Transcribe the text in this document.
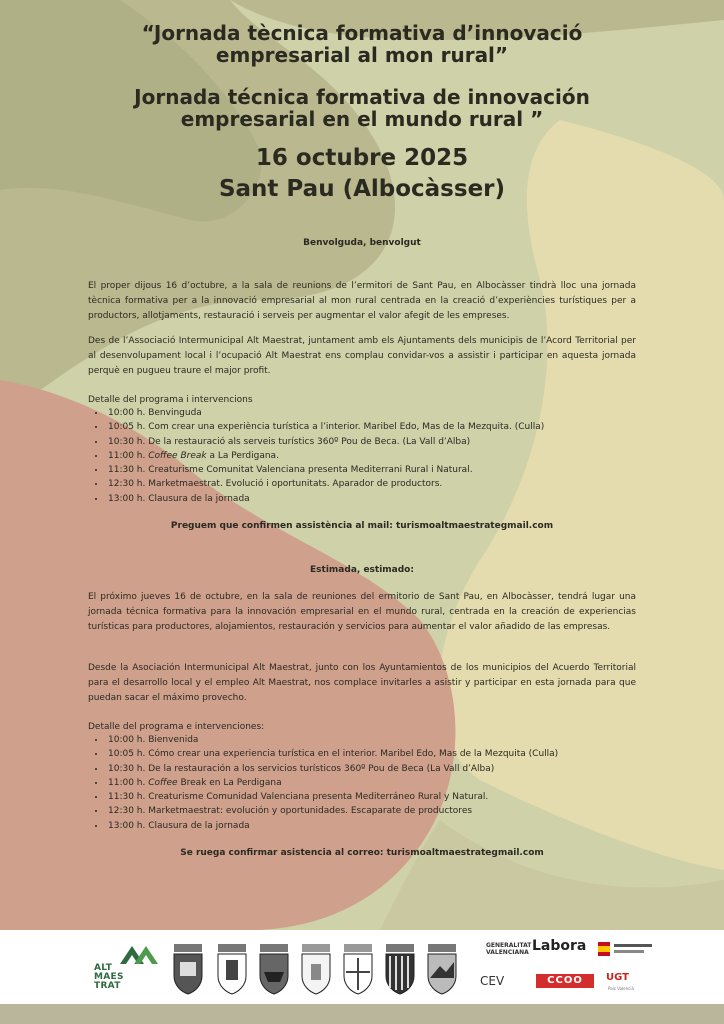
“Jornada tècnica formativa d’innovació

empresarial al mon rural”

Jornada técnica formativa de innovación

empresarial en el mundo rural ”

16 octubre 2025

Sant Pau (Albocàsser)

Benvolguda, benvolgut

El proper dijous 16 d’octubre, a la sala de reunions de l’ermitori de Sant Pau, en Albocàsser tindrà lloc una jornada tècnica formativa per a la innovació empresarial al mon rural centrada en la creació d’experiències turístiques per a productors, allotjaments, restauració i serveis per augmentar el valor afegit de les empreses.

Des de l’Associació Intermunicipal Alt Maestrat, juntament amb els Ajuntaments dels municipis de l’Acord Territorial per al desenvolupament local i l’ocupació Alt Maestrat ens complau convidar-vos a assistir i participar en aquesta jornada perquè en pugueu traure el major profit.

Detalle del programa i intervencions

• 10:00 h. Benvinguda
• 10:05 h. Com crear una experiència turística a l’interior. Maribel Edo, Mas de la Mezquita. (Culla)
• 10:30 h. De la restauració als serveis turístics 360º Pou de Beca. (La Vall d’Alba)
• 11:00 h. Coffee Break a La Perdigana.
• 11:30 h. Creaturisme Comunitat Valenciana presenta Mediterrani Rural i Natural.
• 12:30 h. Marketmaestrat. Evolució i oportunitats. Aparador de productors.
• 13:00 h. Clausura de la jornada

Preguem que confirmen assistència al mail: turismoaltmaestrategmail.com

Estimada, estimado:

El próximo jueves 16 de octubre, en la sala de reuniones del ermitorio de Sant Pau, en Albocàsser, tendrá lugar una jornada técnica formativa para la innovación empresarial en el mundo rural, centrada en la creación de experiencias turísticas para productores, alojamientos, restauración y servicios para aumentar el valor añadido de las empresas.

Desde la Asociación Intermunicipal Alt Maestrat, junto con los Ayuntamientos de los municipios del Acuerdo Territorial para el desarrollo local y el empleo Alt Maestrat, nos complace invitarles a asistir y participar en esta jornada para que puedan sacar el máximo provecho.

Detalle del programa e intervenciones:

• 10:00 h. Bienvenida
• 10:05 h. Cómo crear una experiencia turística en el interior. Maribel Edo, Mas de la Mezquita (Culla)
• 10:30 h. De la restauración a los servicios turísticos 360º Pou de Beca (La Vall d’Alba)
• 11:00 h. Coffee Break en La Perdigana
• 11:30 h. Creaturisme Comunidad Valenciana presenta Mediterráneo Rural y Natural.
• 12:30 h. Marketmaestrat: evolución y oportunidades. Escaparate de productores
• 13:00 h. Clausura de la jornada

Se ruega confirmar asistencia al correo: turismoaltmaestrategmail.com

ALT
MAES
TRAT
GENERALITAT
VALENCIANA Labora
CEV	CCOO	UGT
País Valencià
